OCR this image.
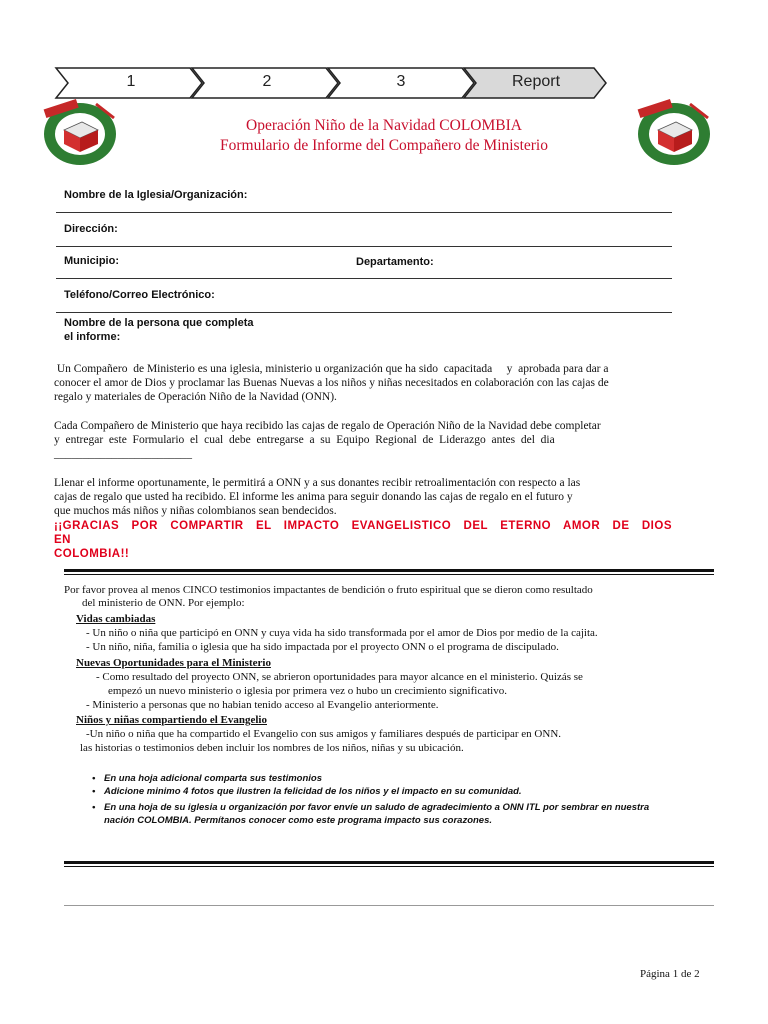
1	2	3	Report
Operación Niño de la Navidad COLOMBIA
Formulario de Informe del Compañero de Ministerio
Nombre de la Iglesia/Organización:
Dirección:
Municipio:	Departamento:
Teléfono/Correo Electrónico:
Nombre de la persona que completa
el informe:
Un Compañero  de Ministerio es una iglesia, ministerio u organización que ha sido  capacitada     y  aprobada para dar a
conocer el amor de Dios y proclamar las Buenas Nuevas a los niños y niñas necesitados en colaboración con las cajas de
regalo y materiales de Operación Niño de la Navidad (ONN).
Cada Compañero de Ministerio que haya recibido las cajas de regalo de Operación Niño de la Navidad debe completar
y  entregar  este  Formulario  el  cual  debe  entregarse  a  su  Equipo  Regional  de  Liderazgo  antes  del  dia
________________________
Llenar el informe oportunamente, le permitirá a ONN y a sus donantes recibir retroalimentación con respecto a las
cajas de regalo que usted ha recibido. El informe les anima para seguir donando las cajas de regalo en el futuro y
que muchos más niños y niñas colombianos sean bendecidos.
¡¡GRACIAS POR COMPARTIR EL IMPACTO EVANGELISTICO DEL ETERNO AMOR DE DIOS EN
COLOMBIA!!
Por favor provea al menos CINCO testimonios impactantes de bendición o fruto espiritual que se dieron como resultado
del ministerio de ONN. Por ejemplo:
Vidas cambiadas
- Un niño o niña que participó en ONN y cuya vida ha sido transformada por el amor de Dios por medio de la cajita.
- Un niño, niña, familia o iglesia que ha sido impactada por el proyecto ONN o el programa de discipulado.
Nuevas Oportunidades para el Ministerio
- Como resultado del proyecto ONN, se abrieron oportunidades para mayor alcance en el ministerio. Quizás se
empezó un nuevo ministerio o iglesia por primera vez o hubo un crecimiento significativo.
- Ministerio a personas que no habian tenido acceso al Evangelio anteriormente.
Niños y niñas compartiendo el Evangelio
-Un niño o niña que ha compartido el Evangelio con sus amigos y familiares después de participar en ONN.
las historias o testimonios deben incluir los nombres de los niños, niñas y su ubicación.
• En una hoja adicional comparta sus testimonios
• Adicione minimo 4 fotos que ilustren la felicidad de los niños y el impacto en su comunidad.
• En una hoja de su iglesia u organización por favor envíe un saludo de agradecimiento a ONN ITL por sembrar en nuestra
nación COLOMBIA. Permítanos conocer como este programa impacto sus corazones.
Página 1 de 2
